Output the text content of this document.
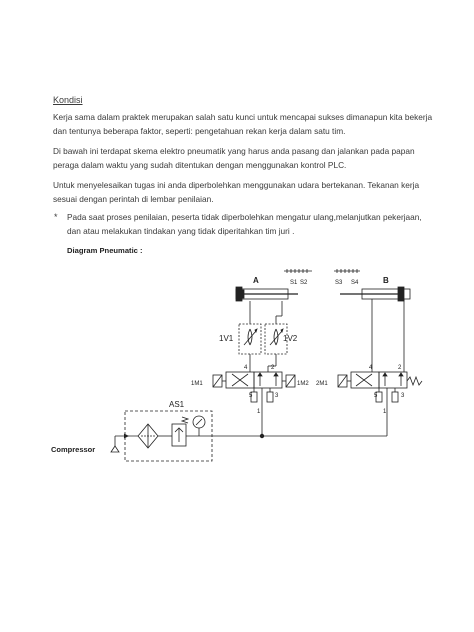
Kondisi
Kerja sama dalam praktek merupakan salah satu kunci untuk mencapai sukses dimanapun kita bekerja dan tentunya beberapa faktor, seperti: pengetahuan rekan kerja dalam satu tim.
Di bawah ini terdapat skema elektro pneumatik yang harus anda pasang dan jalankan pada papan peraga dalam waktu yang sudah ditentukan dengan menggunakan kontrol PLC.
Untuk menyelesaikan tugas ini anda diperbolehkan menggunakan udara bertekanan. Tekanan kerja sesuai dengan perintah di lembar penilaian.
* Pada saat proses penilaian, peserta tidak diperbolehkan mengatur ulang,melanjutkan pekerjaan, dan atau melakukan tindakan yang tidak diperitahkan tim juri .
Diagram Pneumatic :
A	S1 S2	B
S3 S4
1V1	1V2
1M1	1M2
4	2
5	3
1
2M1
4	2
5	3
1
AS1
Compressor
